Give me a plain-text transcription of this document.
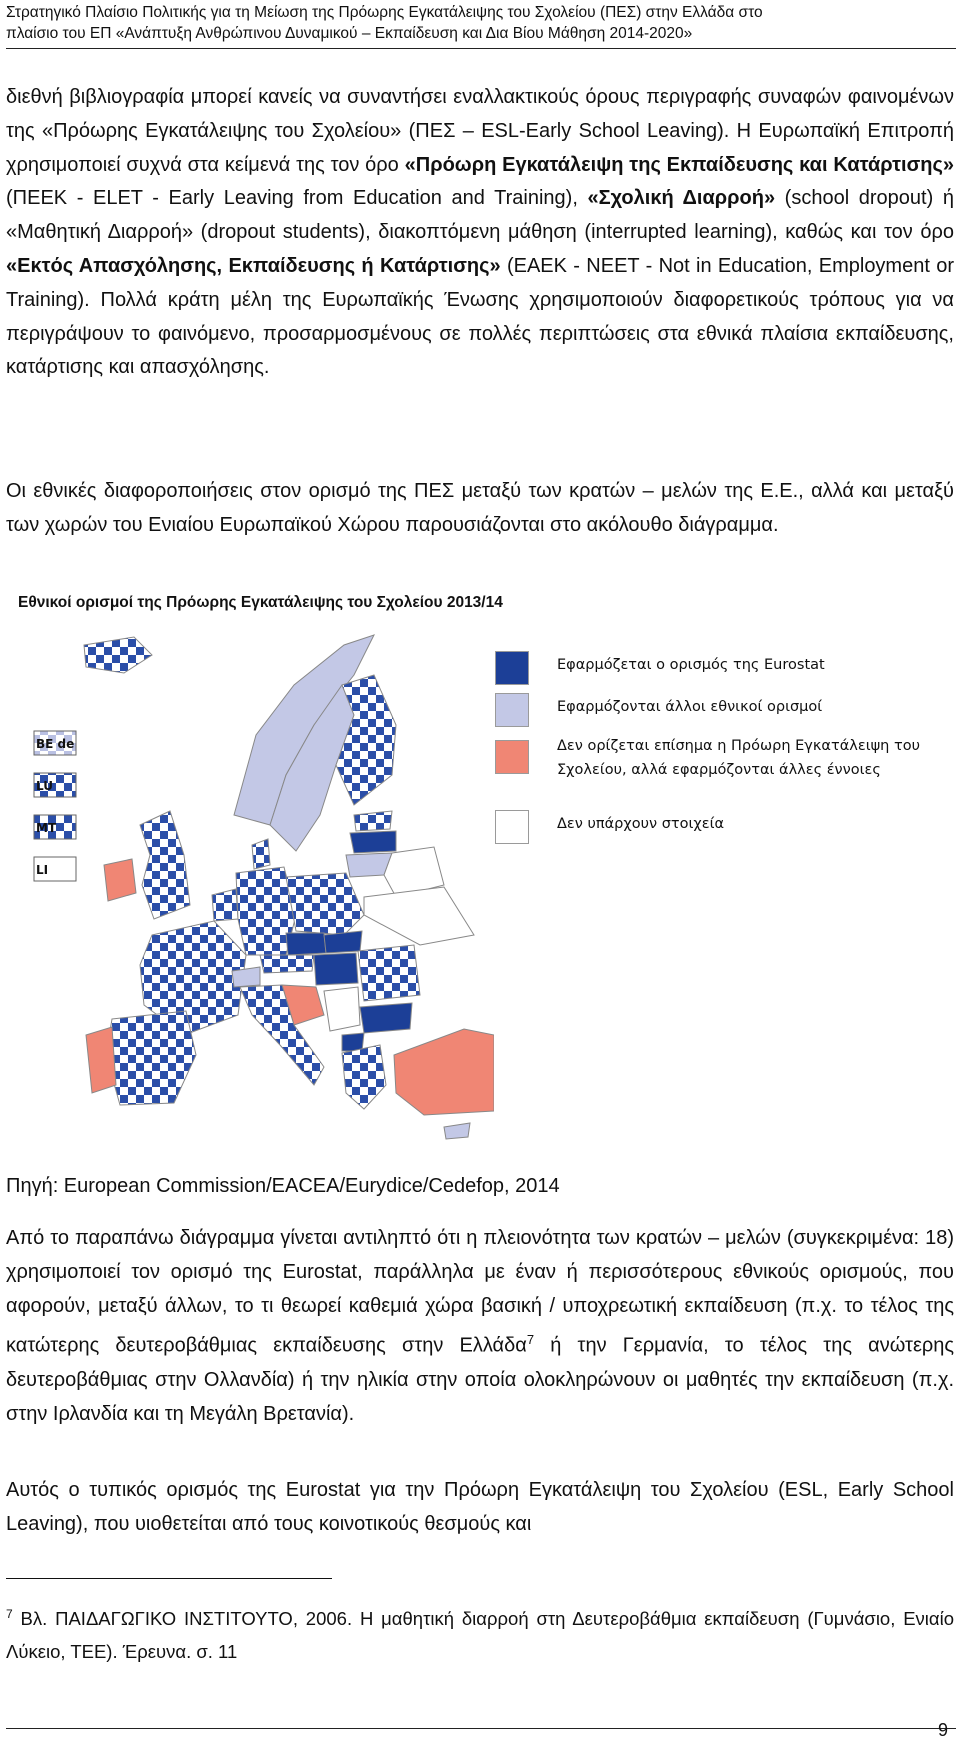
Στρατηγικό Πλαίσιο Πολιτικής για τη Μείωση της Πρόωρης Εγκατάλειψης του Σχολείου (ΠΕΣ) στην Ελλάδα στο
πλαίσιο του ΕΠ «Ανάπτυξη Ανθρώπινου Δυναμικού – Εκπαίδευση και Δια Βίου Μάθηση 2014-2020»
διεθνή βιβλιογραφία μπορεί κανείς να συναντήσει εναλλακτικούς όρους περιγραφής συναφών φαινομένων της «Πρόωρης Εγκατάλειψης του Σχολείου» (ΠΕΣ – ESL-Early School Leaving). Η Ευρωπαϊκή Επιτροπή χρησιμοποιεί συχνά στα κείμενά της τον όρο «Πρόωρη Εγκατάλειψη της Εκπαίδευσης και Κατάρτισης» (ΠΕΕΚ - ELET - Early Leaving from Education and Training), «Σχολική Διαρροή» (school dropout) ή «Μαθητική Διαρροή» (dropout students), διακοπτόμενη μάθηση (interrupted learning), καθώς και τον όρο «Εκτός Απασχόλησης, Εκπαίδευσης ή Κατάρτισης» (ΕΑΕΚ - NEET - Not in Education, Employment or Training). Πολλά κράτη μέλη της Ευρωπαϊκής Ένωσης χρησιμοποιούν διαφορετικούς τρόπους για να περιγράψουν το φαινόμενο, προσαρμοσμένους σε πολλές περιπτώσεις στα εθνικά πλαίσια εκπαίδευσης, κατάρτισης και απασχόλησης.
Οι εθνικές διαφοροποιήσεις στον ορισμό της ΠΕΣ μεταξύ των κρατών – μελών της Ε.Ε., αλλά και μεταξύ των χωρών του Ενιαίου Ευρωπαϊκού Χώρου παρουσιάζονται στο ακόλουθο διάγραμμα.
Εθνικοί ορισμοί της Πρόωρης Εγκατάλειψης του Σχολείου 2013/14
BE de
LU
MT
LI
Εφαρμόζεται ο ορισμός της Eurostat
Εφαρμόζονται άλλοι εθνικοί ορισμοί
Δεν ορίζεται επίσημα η Πρόωρη Εγκατάλειψη του Σχολείου, αλλά εφαρμόζονται άλλες έννοιες
Δεν υπάρχουν στοιχεία
Πηγή: European Commission/EACEA/Eurydice/Cedefop, 2014
Από το παραπάνω διάγραμμα γίνεται αντιληπτό ότι η πλειονότητα των κρατών – μελών (συγκεκριμένα: 18) χρησιμοποιεί τον ορισμό της Eurostat, παράλληλα με έναν ή περισσότερους εθνικούς ορισμούς, που αφορούν, μεταξύ άλλων, το τι θεωρεί καθεμιά χώρα βασική / υποχρεωτική εκπαίδευση (π.χ. το τέλος της κατώτερης δευτεροβάθμιας εκπαίδευσης στην Ελλάδα$^7$ ή την Γερμανία, το τέλος της ανώτερης δευτεροβάθμιας στην Ολλανδία) ή την ηλικία στην οποία ολοκληρώνουν οι μαθητές την εκπαίδευση (π.χ. στην Ιρλανδία και τη Μεγάλη Βρετανία).
Αυτός ο τυπικός ορισμός της Eurostat για την Πρόωρη Εγκατάλειψη του Σχολείου (ESL, Early School Leaving), που υιοθετείται από τους κοινοτικούς θεσμούς και
$^7$ Βλ. ΠΑΙΔΑΓΩΓΙΚΟ ΙΝΣΤΙΤΟΥΤΟ, 2006. Η μαθητική διαρροή στη Δευτεροβάθμια εκπαίδευση (Γυμνάσιο, Ενιαίο Λύκειο, ΤΕΕ). Έρευνα. σ. 11
9
